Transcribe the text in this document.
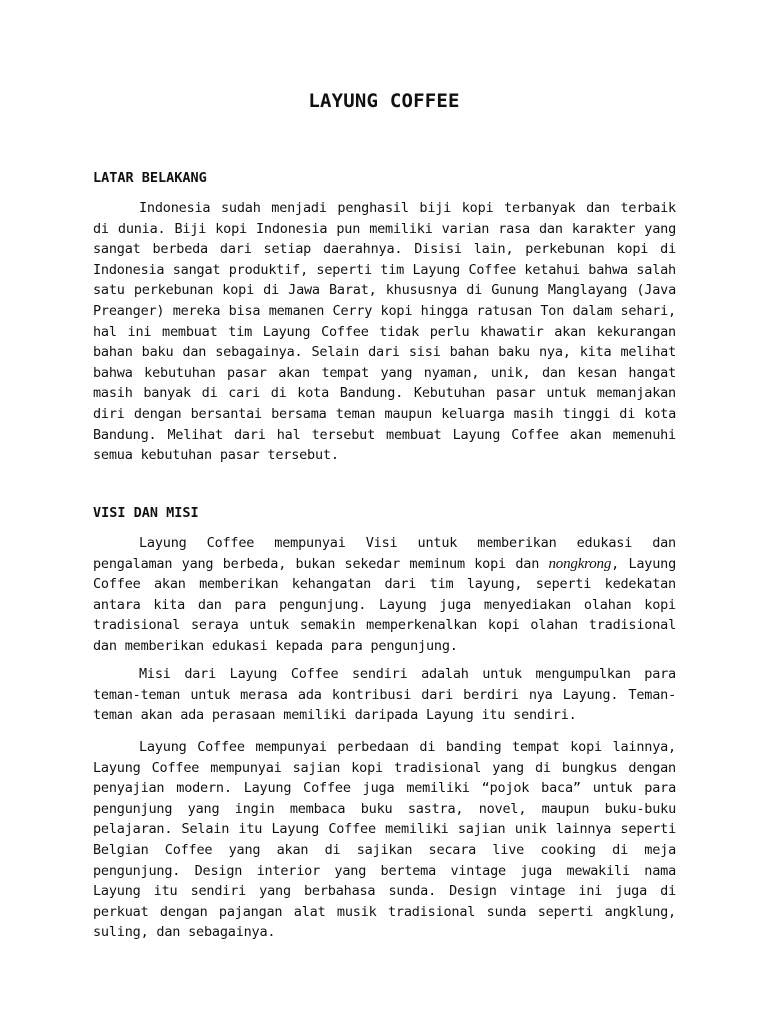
LAYUNG COFFEE
LATAR BELAKANG

Indonesia sudah menjadi penghasil biji kopi terbanyak dan terbaik di dunia. Biji kopi Indonesia pun memiliki varian rasa dan karakter yang sangat berbeda dari setiap daerahnya. Disisi lain, perkebunan kopi di Indonesia sangat produktif, seperti tim Layung Coffee ketahui bahwa salah satu perkebunan kopi di Jawa Barat, khususnya di Gunung Manglayang (Java Preanger) mereka bisa memanen Cerry kopi hingga ratusan Ton dalam sehari, hal ini membuat tim Layung Coffee tidak perlu khawatir akan kekurangan bahan baku dan sebagainya. Selain dari sisi bahan baku nya, kita melihat bahwa kebutuhan pasar akan tempat yang nyaman, unik, dan kesan hangat masih banyak di cari di kota Bandung. Kebutuhan pasar untuk memanjakan diri dengan bersantai bersama teman maupun keluarga masih tinggi di kota Bandung. Melihat dari hal tersebut membuat Layung Coffee akan memenuhi semua kebutuhan pasar tersebut.

VISI DAN MISI

Layung Coffee mempunyai Visi untuk memberikan edukasi dan pengalaman yang berbeda, bukan sekedar meminum kopi dan nongkrong, Layung Coffee akan memberikan kehangatan dari tim layung, seperti kedekatan antara kita dan para pengunjung. Layung juga menyediakan olahan kopi tradisional seraya untuk semakin memperkenalkan kopi olahan tradisional dan memberikan edukasi kepada para pengunjung.

Misi dari Layung Coffee sendiri adalah untuk mengumpulkan para teman-teman untuk merasa ada kontribusi dari berdiri nya Layung. Teman-teman akan ada perasaan memiliki daripada Layung itu sendiri.

Layung Coffee mempunyai perbedaan di banding tempat kopi lainnya, Layung Coffee mempunyai sajian kopi tradisional yang di bungkus dengan penyajian modern. Layung Coffee juga memiliki “pojok baca” untuk para pengunjung yang ingin membaca buku sastra, novel, maupun buku-buku pelajaran. Selain itu Layung Coffee memiliki sajian unik lainnya seperti Belgian Coffee yang akan di sajikan secara live cooking di meja pengunjung. Design interior yang bertema vintage juga mewakili nama Layung itu sendiri yang berbahasa sunda. Design vintage ini juga di perkuat dengan pajangan alat musik tradisional sunda seperti angklung, suling, dan sebagainya.
